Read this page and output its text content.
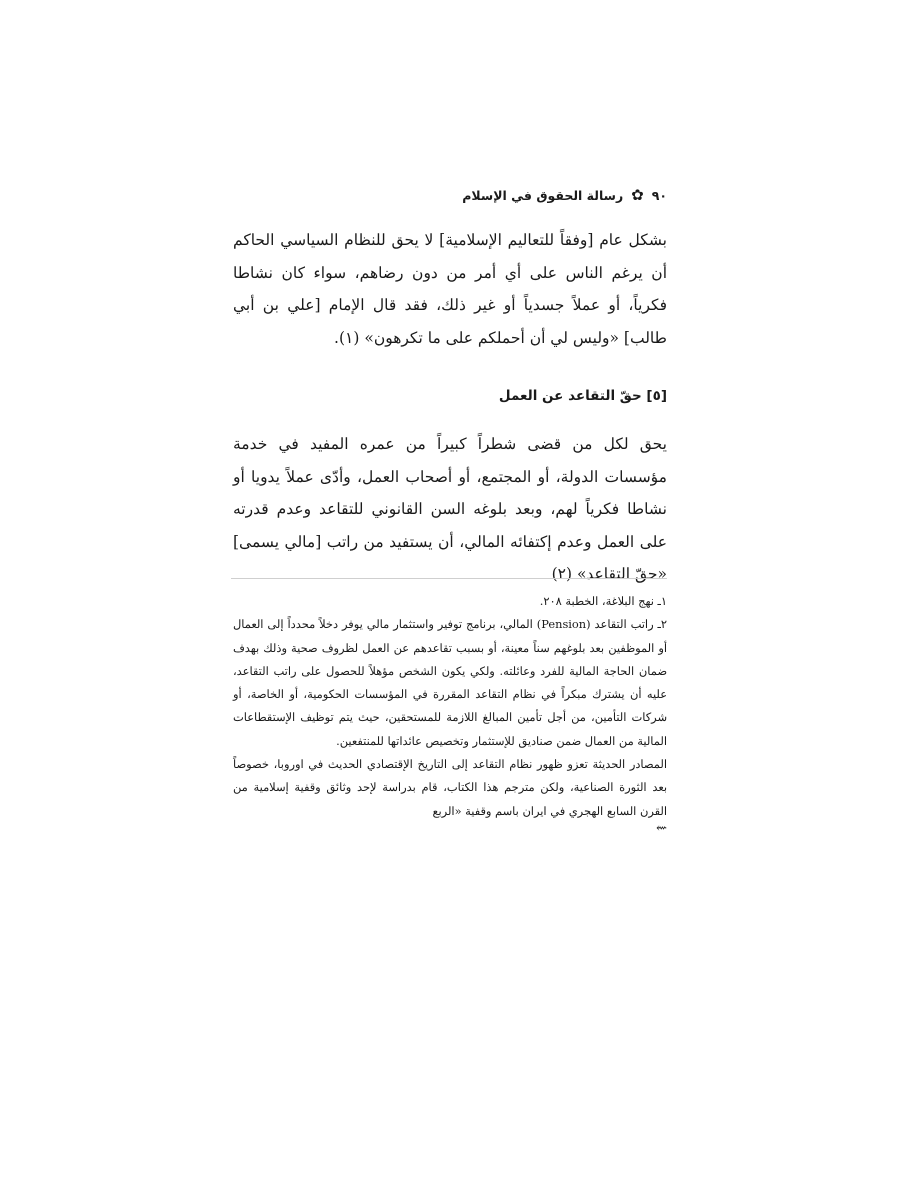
٩٠
✿
رسالة الحقوق في الإسلام

بشكل عام [وفقاً للتعاليم الإسلامية] لا يحق للنظام السياسي الحاكم أن يرغم الناس على أي أمر من دون رضاهم، سواء كان نشاطا فكرياً، أو عملاً جسدياً أو غير ذلك، فقد قال الإمام [علي بن أبي طالب] «وليس لي أن أحملكم على ما تكرهون» (١).

[٥] حقّ التقاعد عن العمل

يحق لكل من قضى شطراً كبيراً من عمره المفيد في خدمة مؤسسات الدولة، أو المجتمع، أو أصحاب العمل، وأدّى عملاً يدويا أو نشاطا فكرياً لهم، وبعد بلوغه السن القانوني للتقاعد وعدم قدرته على العمل وعدم إكتفائه المالي، أن يستفيد من راتب [مالي يسمى] «حقّ التقاعد» (٢)

١ـ نهج البلاغة، الخطبة ٢٠٨.

٢ـ راتب التقاعد (Pension) المالي، برنامج توفير واستثمار مالي يوفر دخلاً محدداً إلى العمال أو الموظفين بعد بلوغهم سناً معينة، أو بسبب تقاعدهم عن العمل لظروف صحية وذلك بهدف ضمان الحاجة المالية للفرد وعائلته. ولكي يكون الشخص مؤهلاً للحصول على راتب التقاعد، عليه أن يشترك مبكراً في نظام التقاعد المقررة في المؤسسات الحكومية، أو الخاصة، أو شركات التأمين، من أجل تأمين المبالغ اللازمة للمستحقين، حيث يتم توظيف الإستقطاعات المالية من العمال ضمن صناديق للإستثمار وتخصيص عائداتها للمنتفعين.

المصادر الحديثة تعزو ظهور نظام التقاعد إلى التاريخ الإقتصادي الحديث في اوروبا، خصوصاً بعد الثورة الصناعية، ولكن مترجم هذا الكتاب، قام بدراسة لإحد وثائق وقفية إسلامية من القرن السابع الهجري في ايران باسم وقفية «الربع

⇜
